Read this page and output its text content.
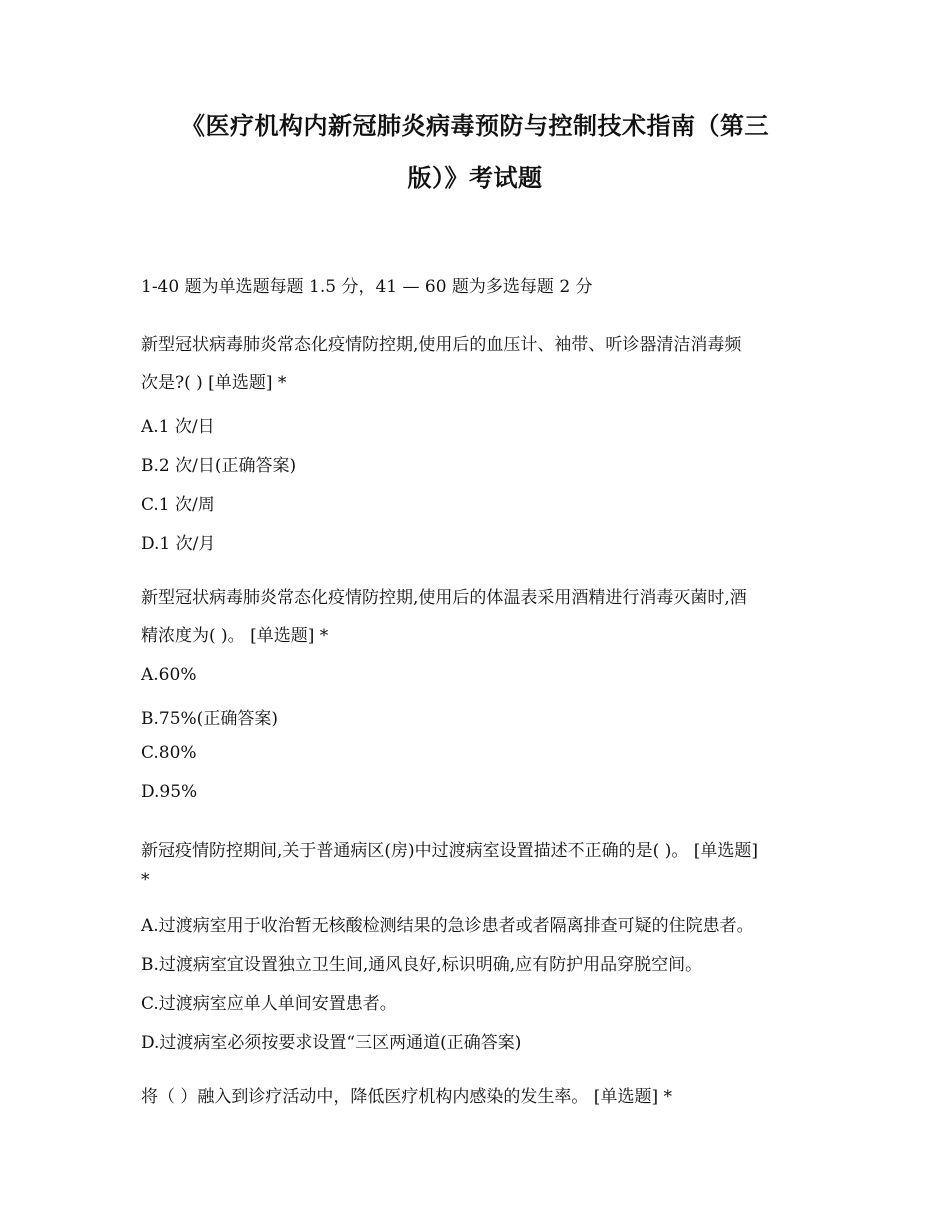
《医疗机构内新冠肺炎病毒预防与控制技术指南（第三
版）》考试题
1-40 题为单选题每题 1.5 分，41 — 60 题为多选每题 2 分
新型冠状病毒肺炎常态化疫情防控期,使用后的血压计、袖带、听诊器清洁消毒频
次是?( ) [单选题] *
A.1 次/日
B.2 次/日(正确答案)
C.1 次/周
D.1 次/月
新型冠状病毒肺炎常态化疫情防控期,使用后的体温表采用酒精进行消毒灭菌时,酒
精浓度为( )。 [单选题] *
A.60%
B.75%(正确答案)
C.80%
D.95%
新冠疫情防控期间,关于普通病区(房)中过渡病室设置描述不正确的是( )。 [单选题]
*
A.过渡病室用于收治暂无核酸检测结果的急诊患者或者隔离排查可疑的住院患者。
B.过渡病室宜设置独立卫生间,通风良好,标识明确,应有防护用品穿脱空间。
C.过渡病室应单人单间安置患者。
D.过渡病室必须按要求设置“三区两通道(正确答案)
将（ ）融入到诊疗活动中，降低医疗机构内感染的发生率。 [单选题] *
